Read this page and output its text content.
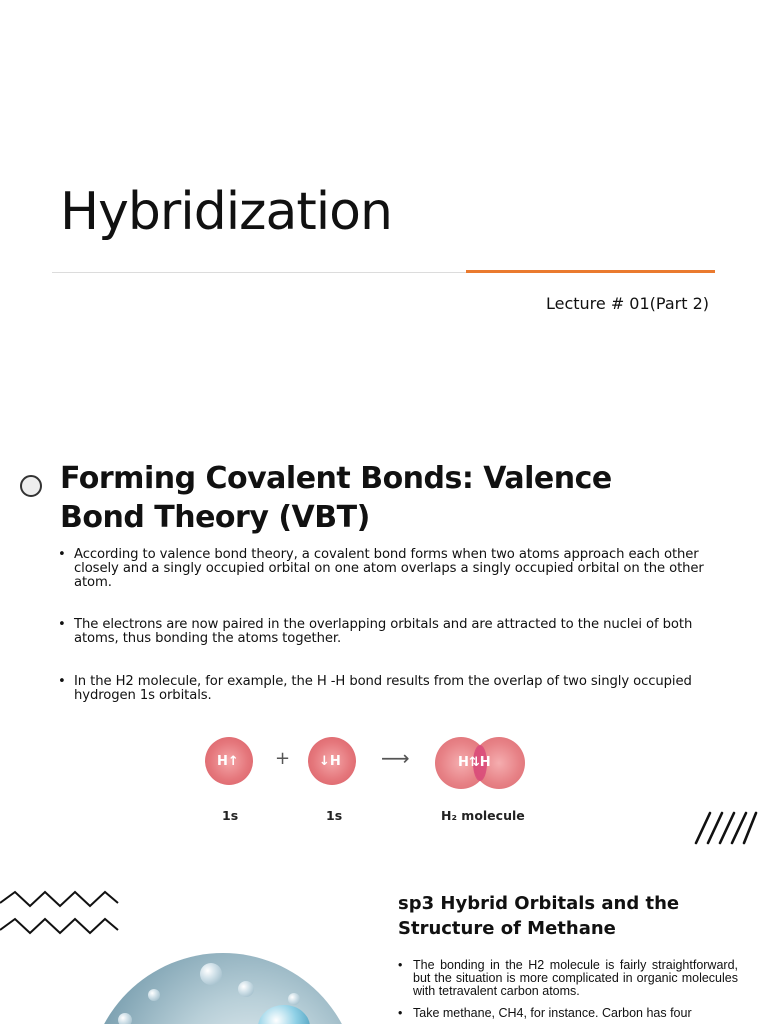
Hybridization
Lecture # 01(Part 2)
Forming Covalent Bonds: Valence Bond Theory (VBT)
• According to valence bond theory, a covalent bond forms when two atoms approach each other closely and a singly occupied orbital on one atom overlaps a singly occupied orbital on the other atom.
• The electrons are now paired in the overlapping orbitals and are attracted to the nuclei of both atoms, thus bonding the atoms together.
• In the H2 molecule, for example, the H -H bond results from the overlap of two singly occupied hydrogen 1s orbitals.
H↑ + ↓H ⟶	H⇅H
1s	1s	H₂ molecule
sp3 Hybrid Orbitals and the Structure of Methane
• The bonding in the H2 molecule is fairly straightforward, but the situation is more complicated in organic molecules with tetravalent carbon atoms.
• Take methane, CH4, for instance. Carbon has four
